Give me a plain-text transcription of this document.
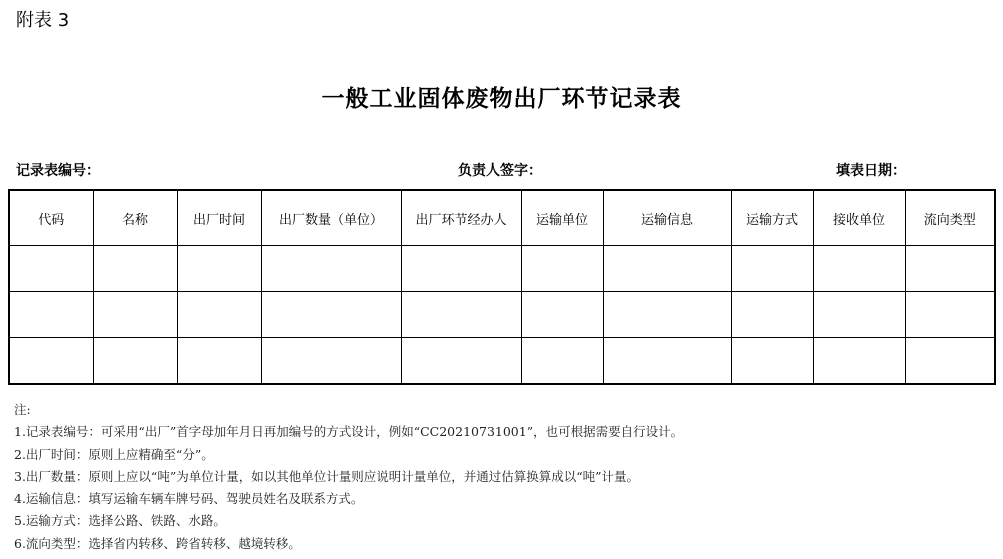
附表 3
一般工业固体废物出厂环节记录表
记录表编号：	负责人签字：	填表日期：
代码	名称	出厂时间	出厂数量（单位）	出厂环节经办人	运输单位	运输信息	运输方式	接收单位	流向类型

注:
1.记录表编号：可采用“出厂”首字母加年月日再加编号的方式设计，例如“CC20210731001”，也可根据需要自行设计。
2.出厂时间：原则上应精确至“分”。
3.出厂数量：原则上应以“吨”为单位计量，如以其他单位计量则应说明计量单位，并通过估算换算成以“吨”计量。
4.运输信息：填写运输车辆车牌号码、驾驶员姓名及联系方式。
5.运输方式：选择公路、铁路、水路。
6.流向类型：选择省内转移、跨省转移、越境转移。
